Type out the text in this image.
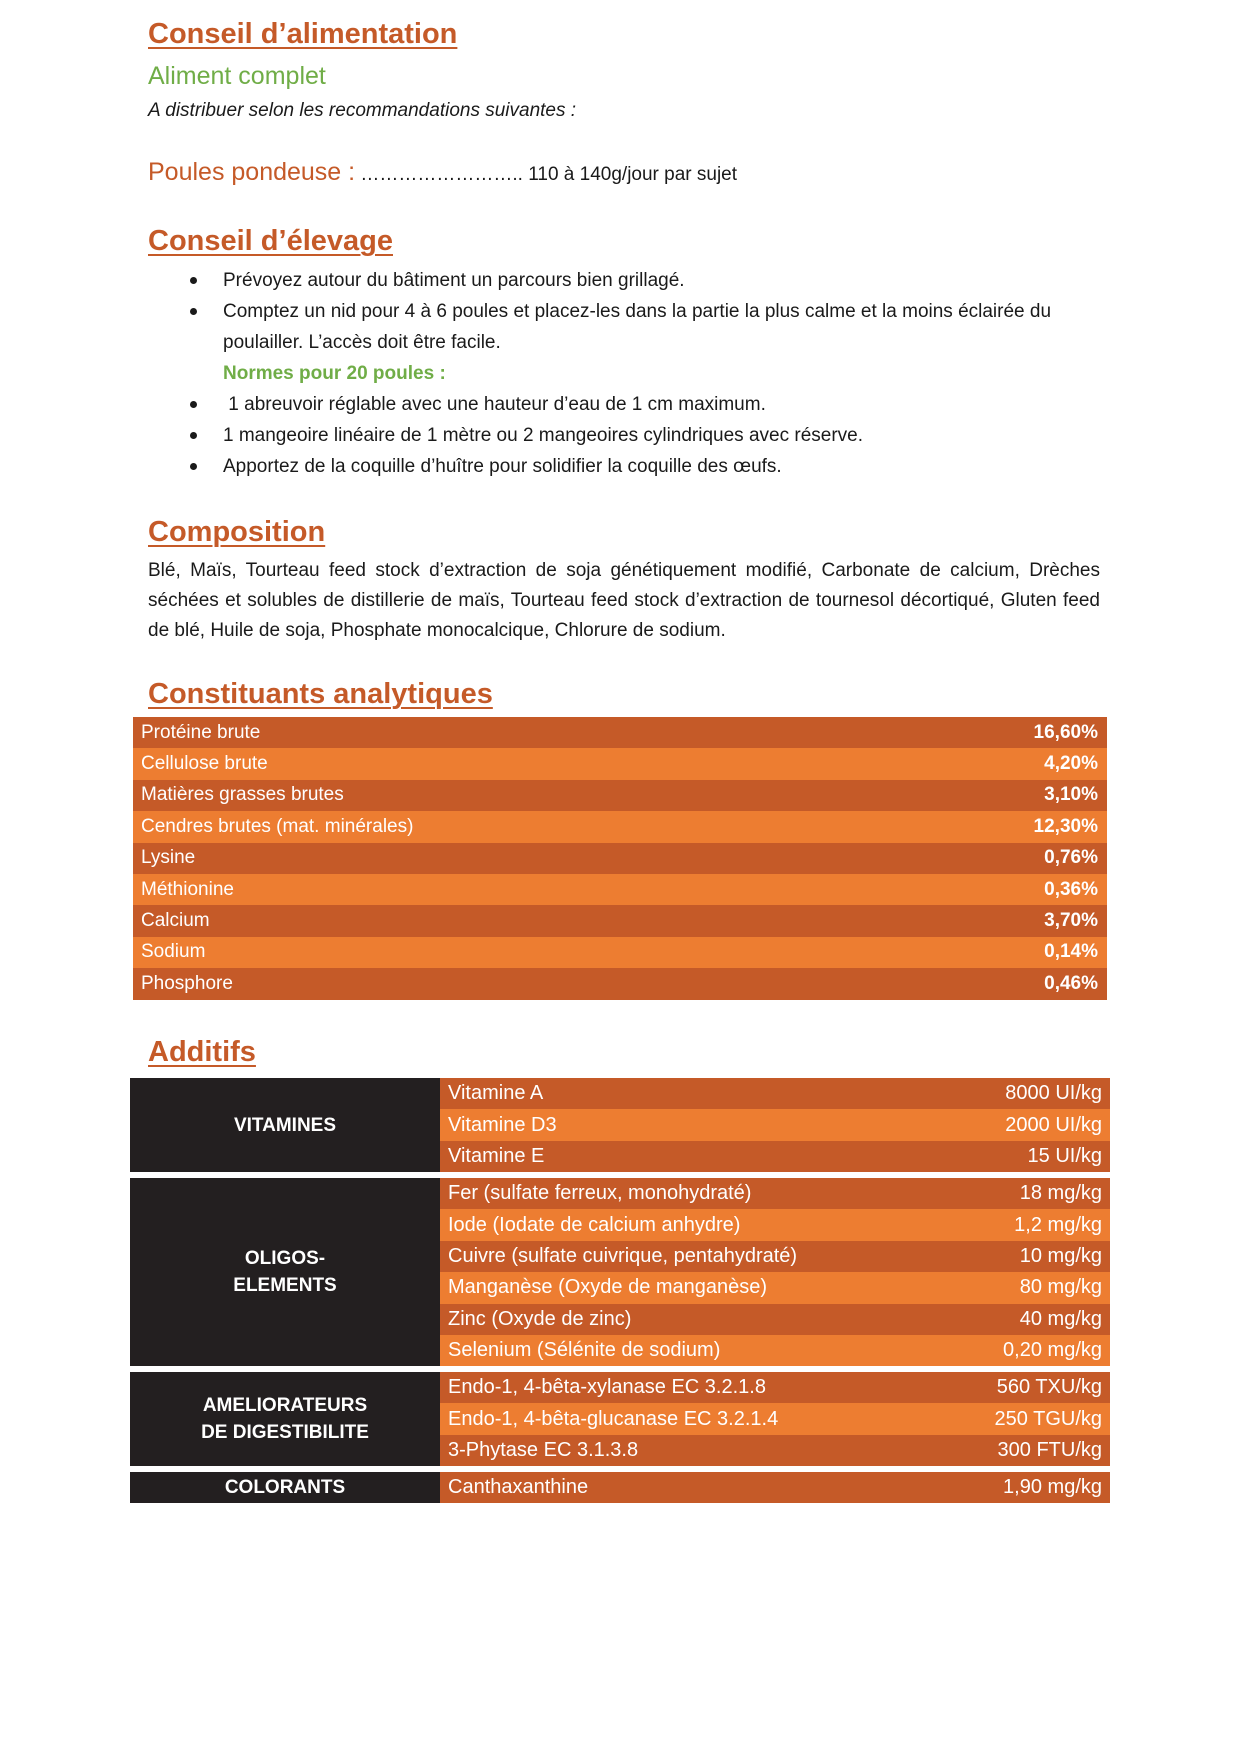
Conseil d’alimentation
Aliment complet
A distribuer selon les recommandations suivantes :
Poules pondeuse : …………………….. 110 à 140g/jour par sujet
Conseil d’élevage
Prévoyez autour du bâtiment un parcours bien grillagé.
Comptez un nid pour 4 à 6 poules et placez-les dans la partie la plus calme et la moins éclairée du poulailler. L’accès doit être facile.
Normes pour 20 poules :
1 abreuvoir réglable avec une hauteur d’eau de 1 cm maximum.
1 mangeoire linéaire de 1 mètre ou 2 mangeoires cylindriques avec réserve.
Apportez de la coquille d’huître pour solidifier la coquille des œufs.
Composition
Blé, Maïs, Tourteau feed stock d’extraction de soja génétiquement modifié, Carbonate de calcium, Drèches séchées et solubles de distillerie de maïs, Tourteau feed stock d’extraction de tournesol décortiqué, Gluten feed de blé, Huile de soja, Phosphate monocalcique, Chlorure de sodium.
Constituants analytiques
Protéine brute	16,60%
Cellulose brute	4,20%
Matières grasses brutes	3,10%
Cendres brutes (mat. minérales)	12,30%
Lysine	0,76%
Méthionine	0,36%
Calcium	3,70%
Sodium	0,14%
Phosphore	0,46%
Additifs
VITAMINES
Vitamine A	8000 UI/kg
Vitamine D3	2000 UI/kg
Vitamine E	15 UI/kg
OLIGOS-
ELEMENTS
Fer (sulfate ferreux, monohydraté)	18 mg/kg
Iode (Iodate de calcium anhydre)	1,2 mg/kg
Cuivre (sulfate cuivrique, pentahydraté)	10 mg/kg
Manganèse (Oxyde de manganèse)	80 mg/kg
Zinc (Oxyde de zinc)	40 mg/kg
Selenium (Sélénite de sodium)	0,20 mg/kg
AMELIORATEURS
DE DIGESTIBILITE
Endo-1, 4-bêta-xylanase EC 3.2.1.8	560 TXU/kg
Endo-1, 4-bêta-glucanase EC 3.2.1.4	250 TGU/kg
3-Phytase EC 3.1.3.8	300 FTU/kg
COLORANTS	Canthaxanthine	1,90 mg/kg
